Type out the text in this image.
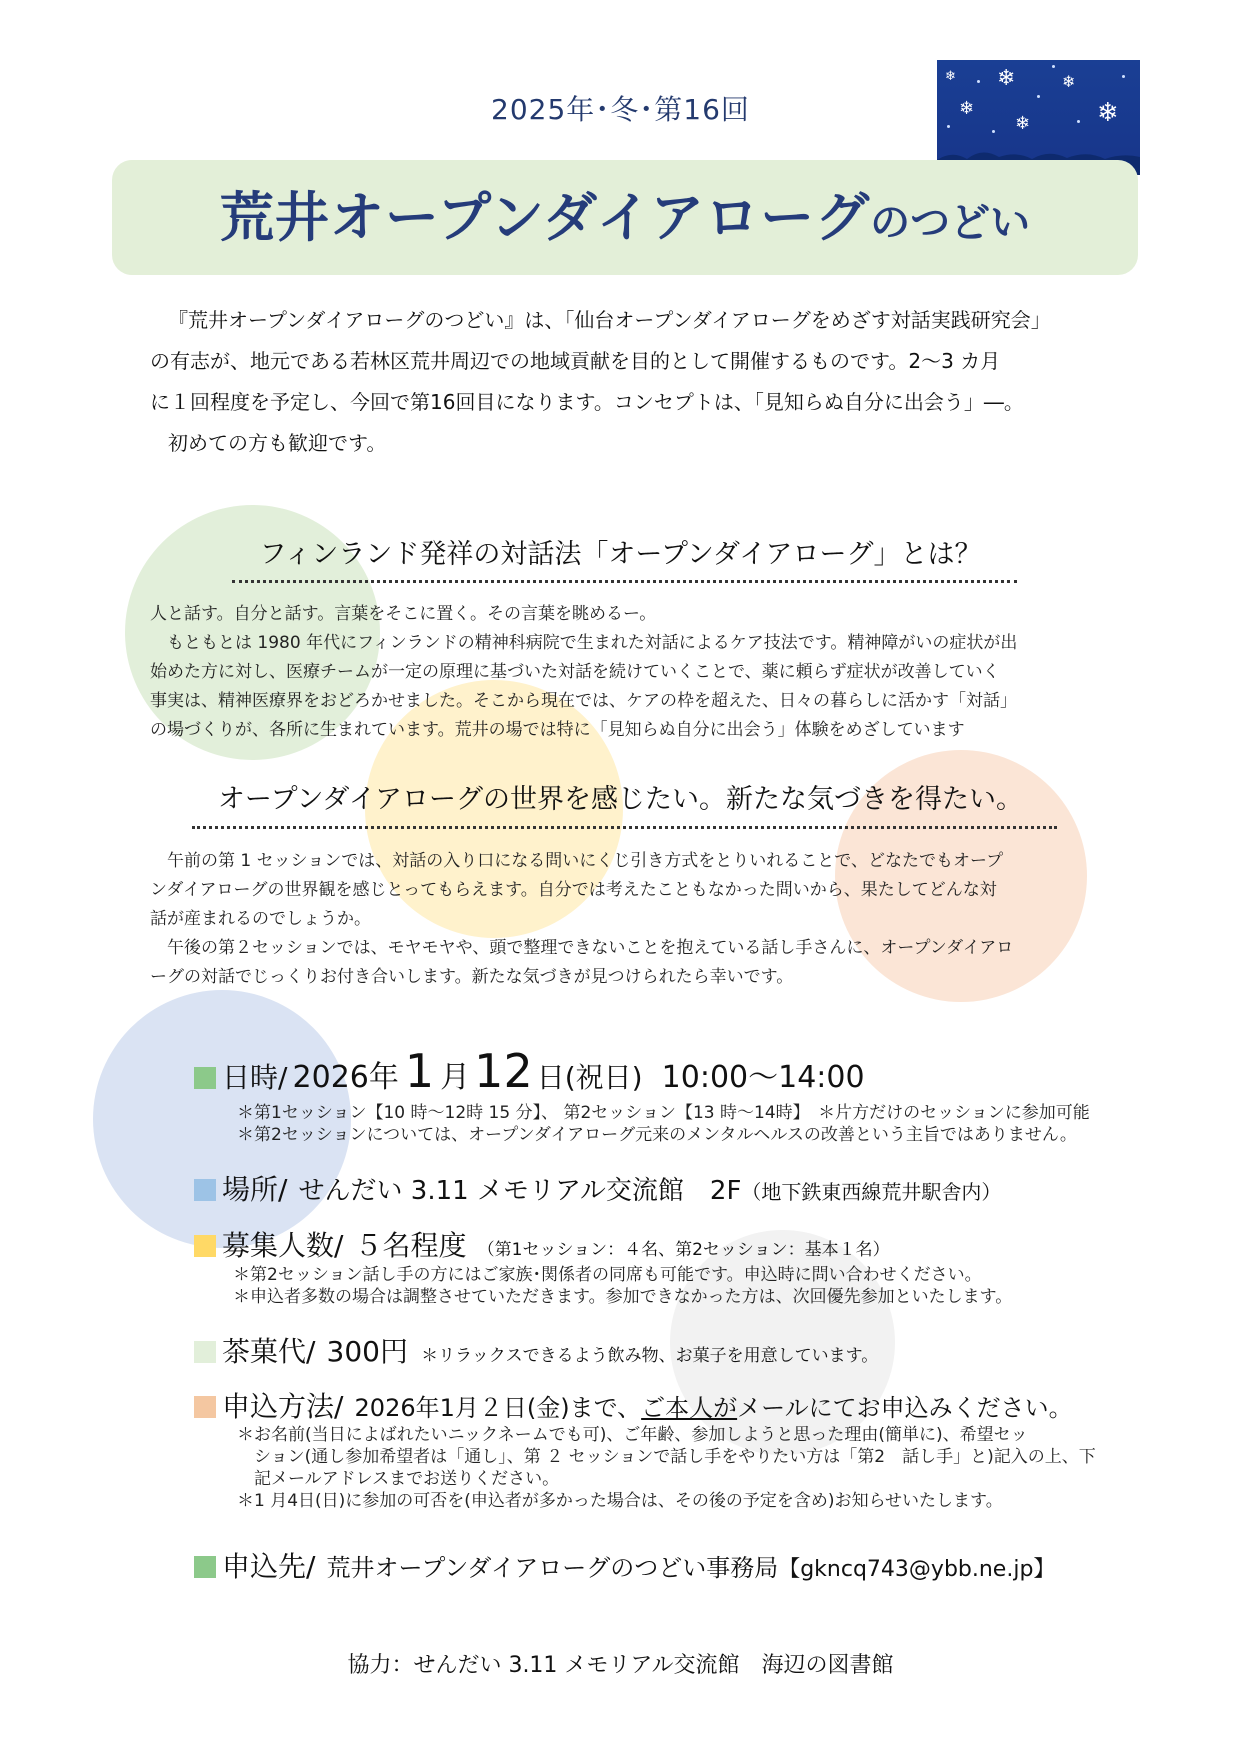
❄
❄
❄
❄
❄
❄
2025年･冬･第16回
荒井オープンダイアローグのつどい

『荒井オープンダイアローグのつどい』は、「仙台オープンダイアローグをめざす対話実践研究会」

の有志が、地元である若林区荒井周辺での地域貢献を目的として開催するものです。2～3 カ月

に１回程度を予定し、今回で第16回目になります。コンセプトは、「見知らぬ自分に出会う」―。

初めての方も歓迎です。

フィンランド発祥の対話法「オープンダイアローグ」とは？

人と話す。自分と話す。言葉をそこに置く。その言葉を眺めるー。

　もともとは 1980 年代にフィンランドの精神科病院で生まれた対話によるケア技法です。精神障がいの症状が出

始めた方に対し、医療チームが一定の原理に基づいた対話を続けていくことで、薬に頼らず症状が改善していく

事実は、精神医療界をおどろかせました。そこから現在では、ケアの枠を超えた、日々の暮らしに活かす「対話」

の場づくりが、各所に生まれています。荒井の場では特に「見知らぬ自分に出会う」体験をめざしています

オープンダイアローグの世界を感じたい。新たな気づきを得たい。

　午前の第 1 セッションでは、対話の入り口になる問いにくじ引き方式をとりいれることで、どなたでもオープ

ンダイアローグの世界観を感じとってもらえます。自分では考えたこともなかった問いから、果たしてどんな対

話が産まれるのでしょうか。

　午後の第２セッションでは、モヤモヤや、頭で整理できないことを抱えている話し手さんに、オープンダイアロ

ーグの対話でじっくりお付き合いします。新たな気づきが見つけられたら幸いです。

日時/ 2026年 1 月12 日(祝日) 10:00～14:00
＊第1セッション【10 時～12時 15 分】、 第2セッション【13 時～14時】　＊片方だけのセッションに参加可能
＊第2セッションについては、オープンダイアローグ元来のメンタルヘルスの改善という主旨ではありません。
場所/ せんだい 3.11 メモリアル交流館　2F（地下鉄東西線荒井駅舎内）
募集人数/ ５名程度 （第1セッション：４名、第2セッション：基本１名）
＊第2セッション話し手の方にはご家族･関係者の同席も可能です。申込時に問い合わせください。
＊申込者多数の場合は調整させていただきます。参加できなかった方は、次回優先参加といたします。
茶菓代/ 300円 ＊リラックスできるよう飲み物、お菓子を用意しています。
申込方法/ 2026年1月２日(金)まで、ご本人がメールにてお申込みください。
＊お名前(当日によばれたいニックネームでも可)、ご年齢、参加しようと思った理由(簡単に)、希望セッ
　ション(通し参加希望者は「通し」、第 ２ セッションで話し手をやりたい方は「第2　話し手」と)記入の上、下
　記メールアドレスまでお送りください。
＊1 月4日(日)に参加の可否を(申込者が多かった場合は、その後の予定を含め)お知らせいたします。
申込先/ 荒井オープンダイアローグのつどい事務局【gkncq743@ybb.ne.jp】
協力：せんだい 3.11 メモリアル交流館　海辺の図書館
